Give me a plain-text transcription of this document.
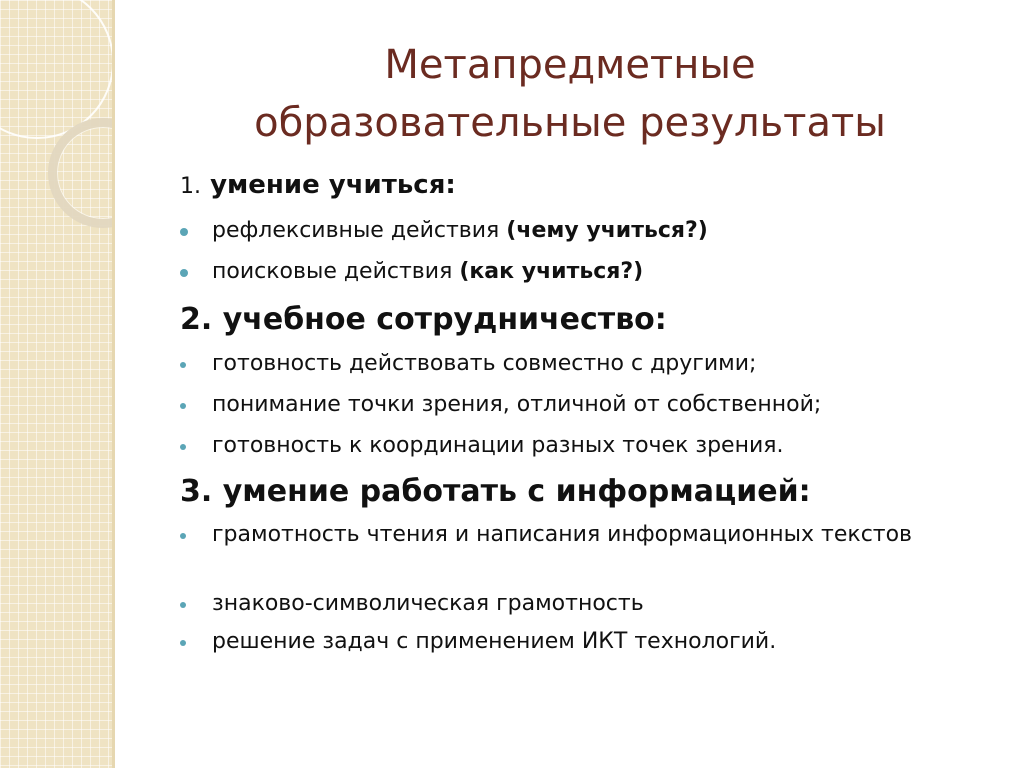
Метапредметные
образовательные результаты
1. умение учиться:
рефлексивные действия (чему учиться?)
поисковые действия (как учиться?)
2. учебное сотрудничество:
готовность действовать совместно с другими;
понимание точки зрения, отличной от собственной;
готовность к координации разных точек зрения.
3. умение работать с информацией:
грамотность чтения и написания информационных текстов
знаково-символическая грамотность
решение задач с применением ИКТ технологий.
